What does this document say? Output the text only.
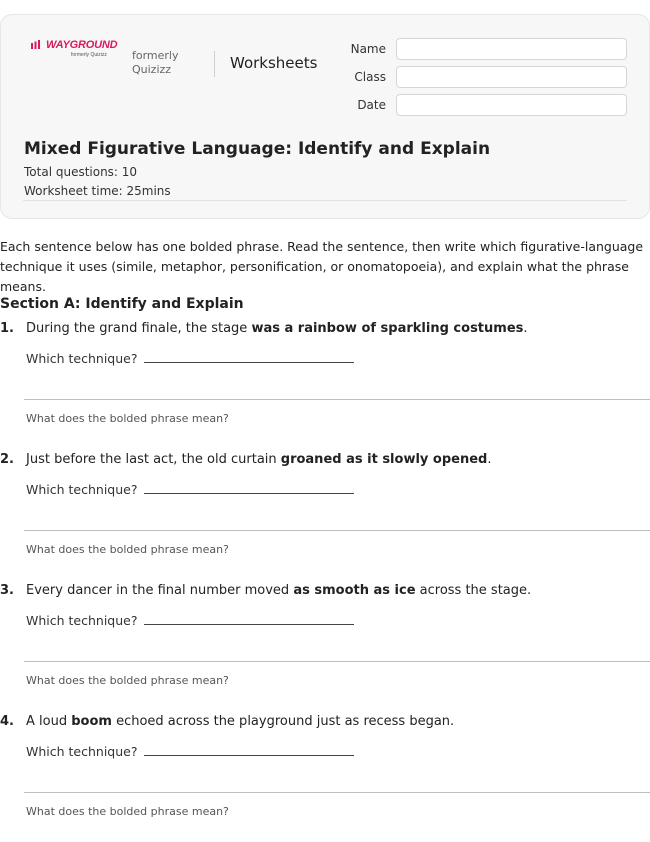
WAYGROUND
formerly Quizizz	formerly
Quizizz	Worksheets
Name
Class
Date
Mixed Figurative Language: Identify and Explain
Total questions: 10
Worksheet time: 25mins
Each sentence below has one bolded phrase. Read the sentence, then write which figurative-language technique it uses (simile, metaphor, personification, or onomatopoeia), and explain what the phrase means.
Section A: Identify and Explain
1. During the grand finale, the stage was a rainbow of sparkling costumes.
Which technique?
What does the bolded phrase mean?
2. Just before the last act, the old curtain groaned as it slowly opened.
Which technique?
What does the bolded phrase mean?
3. Every dancer in the final number moved as smooth as ice across the stage.
Which technique?
What does the bolded phrase mean?
4. A loud boom echoed across the playground just as recess began.
Which technique?
What does the bolded phrase mean?
